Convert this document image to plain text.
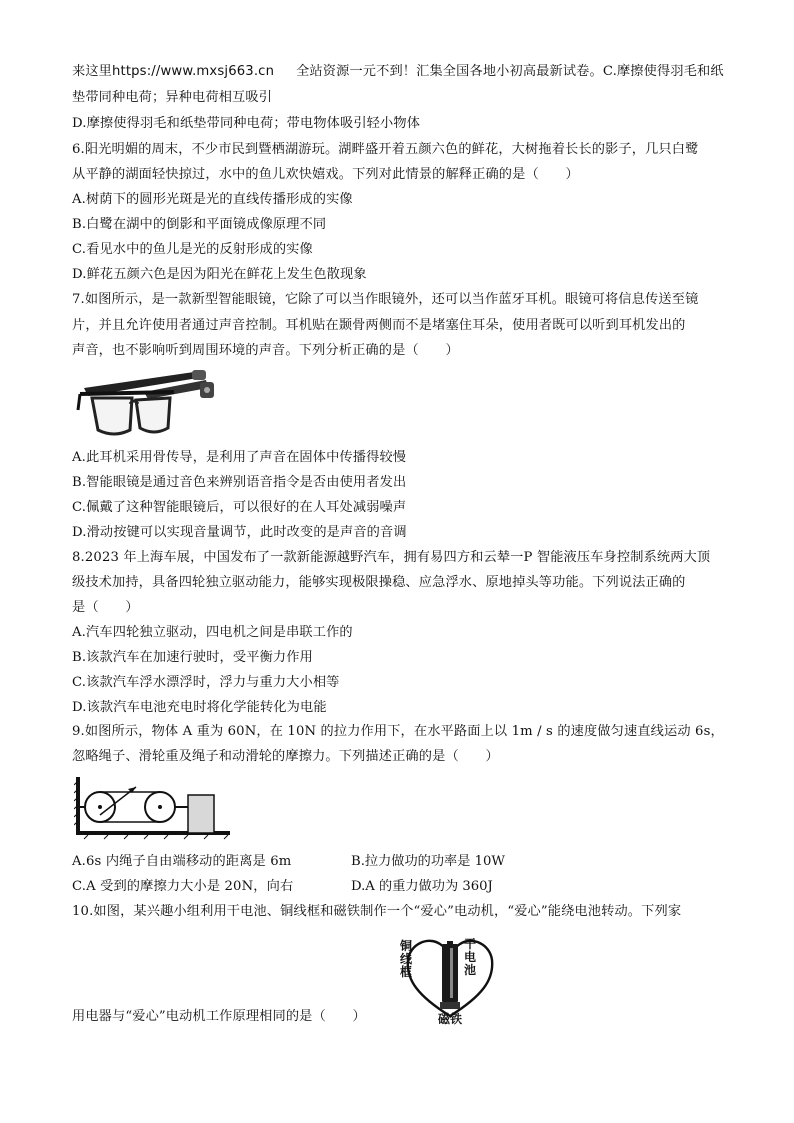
来这里https://www.mxsj663.cn 全站资源一元不到！汇集全国各地小初高最新试卷。C.摩擦使得羽毛和纸
垫带同种电荷；异种电荷相互吸引
D.摩擦使得羽毛和纸垫带同种电荷；带电物体吸引轻小物体
6.阳光明媚的周末，不少市民到暨栖湖游玩。湖畔盛开着五颜六色的鲜花，大树拖着长长的影子，几只白鹭
从平静的湖面轻快掠过，水中的鱼儿欢快嬉戏。下列对此情景的解释正确的是（　　）
A.树荫下的圆形光斑是光的直线传播形成的实像
B.白鹭在湖中的倒影和平面镜成像原理不同
C.看见水中的鱼儿是光的反射形成的实像
D.鲜花五颜六色是因为阳光在鲜花上发生色散现象
7.如图所示，是一款新型智能眼镜，它除了可以当作眼镜外，还可以当作蓝牙耳机。眼镜可将信息传送至镜
片，并且允许使用者通过声音控制。耳机贴在颞骨两侧而不是堵塞住耳朵，使用者既可以听到耳机发出的
声音，也不影响听到周围环境的声音。下列分析正确的是（　　）
A.此耳机采用骨传导，是利用了声音在固体中传播得较慢
B.智能眼镜是通过音色来辨别语音指令是否由使用者发出
C.佩戴了这种智能眼镜后，可以很好的在人耳处减弱噪声
D.滑动按键可以实现音量调节，此时改变的是声音的音调
8.2023 年上海车展，中国发布了一款新能源越野汽车，拥有易四方和云辇一P 智能液压车身控制系统两大顶
级技术加持，具备四轮独立驱动能力，能够实现极限操稳、应急浮水、原地掉头等功能。下列说法正确的
是（　　）
A.汽车四轮独立驱动，四电机之间是串联工作的
B.该款汽车在加速行驶时，受平衡力作用
C.该款汽车浮水漂浮时，浮力与重力大小相等
D.该款汽车电池充电时将化学能转化为电能
9.如图所示，物体 A 重为 60N，在 10N 的拉力作用下，在水平路面上以 1m / s 的速度做匀速直线运动 6s，
忽略绳子、滑轮重及绳子和动滑轮的摩擦力。下列描述正确的是（　　）
A.6s 内绳子自由端移动的距离是 6m	B.拉力做功的功率是 10W
C.A 受到的摩擦力大小是 20N，向右	D.A 的重力做功为 360J
10.如图，某兴趣小组利用干电池、铜线框和磁铁制作一个“爱心”电动机，“爱心”能绕电池转动。下列家
铜线框
干电池
磁铁
用电器与“爱心”电动机工作原理相同的是（　　）
